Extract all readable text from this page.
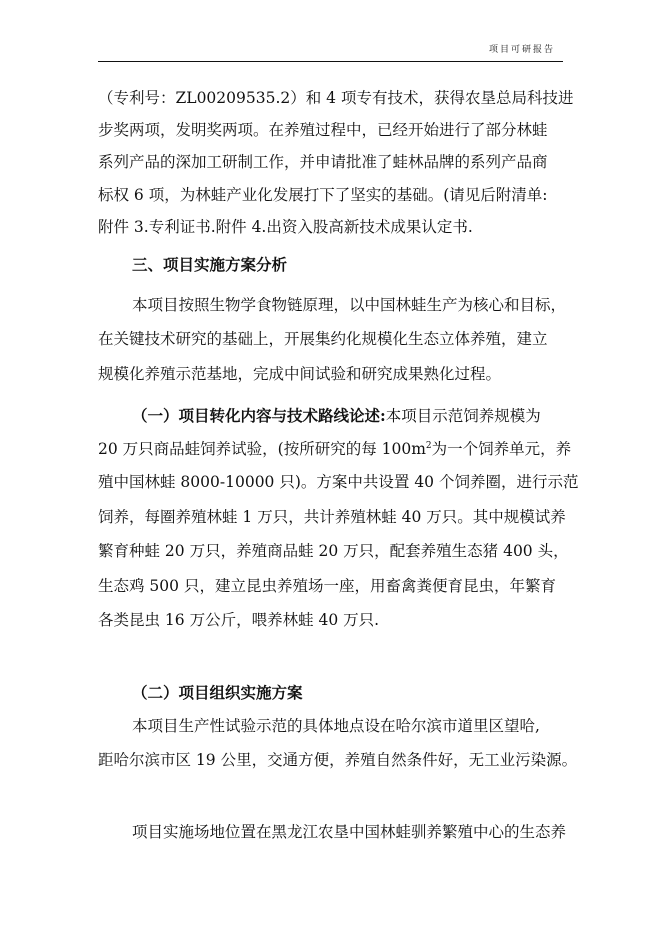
项目可研报告
（专利号：ZL00209535.2）和 4 项专有技术，获得农垦总局科技进
步奖两项，发明奖两项。在养殖过程中，已经开始进行了部分林蛙
系列产品的深加工研制工作，并申请批准了蛙林品牌的系列产品商
标权 6 项，为林蛙产业化发展打下了坚实的基础。(请见后附清单:
附件 3.专利证书.附件 4.出资入股高新技术成果认定书.
三、项目实施方案分析
本项目按照生物学食物链原理，以中国林蛙生产为核心和目标，
在关键技术研究的基础上，开展集约化规模化生态立体养殖，建立
规模化养殖示范基地，完成中间试验和研究成果熟化过程。
（一）项目转化内容与技术路线论述:本项目示范饲养规模为
20 万只商品蛙饲养试验，(按所研究的每 $100m^2$为一个饲养单元，养
殖中国林蛙 8000-10000 只)。方案中共设置 40 个饲养圈，进行示范
饲养，每圈养殖林蛙 1 万只，共计养殖林蛙 40 万只。其中规模试养
繁育种蛙 20 万只，养殖商品蛙 20 万只，配套养殖生态猪 400 头，
生态鸡 500 只，建立昆虫养殖场一座，用畜禽粪便育昆虫，年繁育
各类昆虫 16 万公斤，喂养林蛙 40 万只.
（二）项目组织实施方案
本项目生产性试验示范的具体地点设在哈尔滨市道里区望哈,
距哈尔滨市区 19 公里，交通方便，养殖自然条件好，无工业污染源。
项目实施场地位置在黑龙江农垦中国林蛙驯养繁殖中心的生态养
